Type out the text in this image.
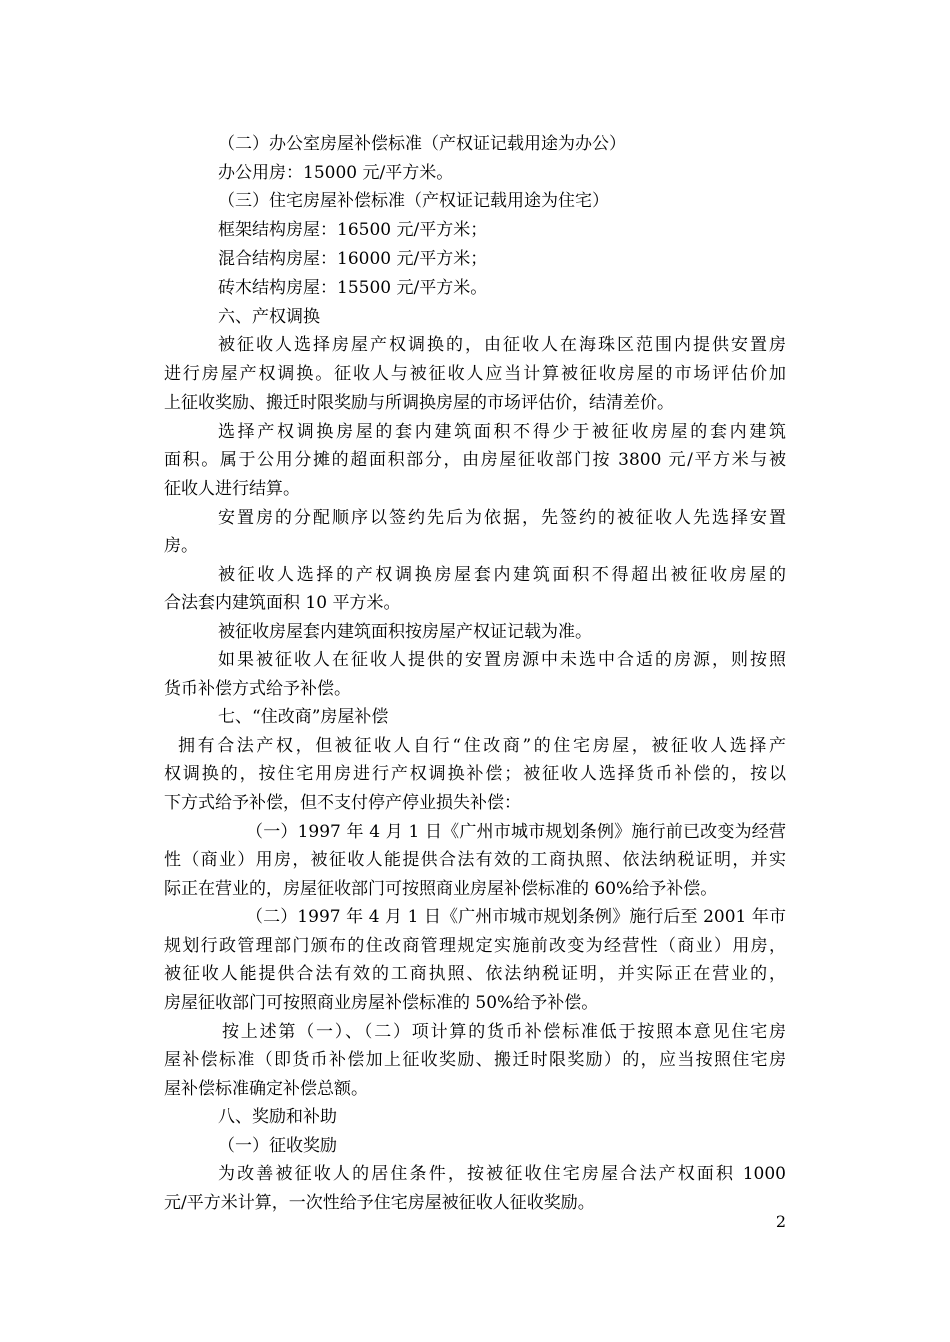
（二）办公室房屋补偿标准（产权证记载用途为办公）
办公用房：15000 元/平方米。
（三）住宅房屋补偿标准（产权证记载用途为住宅）
框架结构房屋：16500 元/平方米；
混合结构房屋：16000 元/平方米；
砖木结构房屋：15500 元/平方米。
六、产权调换
被征收人选择房屋产权调换的，由征收人在海珠区范围内提供安置房
进行房屋产权调换。征收人与被征收人应当计算被征收房屋的市场评估价加
上征收奖励、搬迁时限奖励与所调换房屋的市场评估价，结清差价。
选择产权调换房屋的套内建筑面积不得少于被征收房屋的套内建筑
面积。属于公用分摊的超面积部分，由房屋征收部门按 3800 元/平方米与被
征收人进行结算。
安置房的分配顺序以签约先后为依据，先签约的被征收人先选择安置
房。
被征收人选择的产权调换房屋套内建筑面积不得超出被征收房屋的
合法套内建筑面积 10 平方米。
被征收房屋套内建筑面积按房屋产权证记载为准。
如果被征收人在征收人提供的安置房源中未选中合适的房源，则按照
货币补偿方式给予补偿。
七、“住改商”房屋补偿
拥有合法产权，但被征收人自行“住改商”的住宅房屋，被征收人选择产
权调换的，按住宅用房进行产权调换补偿；被征收人选择货币补偿的，按以
下方式给予补偿，但不支付停产停业损失补偿：
（一）1997 年 4 月 1 日《广州市城市规划条例》施行前已改变为经营
性（商业）用房，被征收人能提供合法有效的工商执照、依法纳税证明，并实
际正在营业的，房屋征收部门可按照商业房屋补偿标准的 60%给予补偿。
（二）1997 年 4 月 1 日《广州市城市规划条例》施行后至 2001 年市
规划行政管理部门颁布的住改商管理规定实施前改变为经营性（商业）用房，
被征收人能提供合法有效的工商执照、依法纳税证明，并实际正在营业的，
房屋征收部门可按照商业房屋补偿标准的 50%给予补偿。
按上述第（一）、（二）项计算的货币补偿标准低于按照本意见住宅房
屋补偿标准（即货币补偿加上征收奖励、搬迁时限奖励）的，应当按照住宅房
屋补偿标准确定补偿总额。
八、奖励和补助
（一）征收奖励
为改善被征收人的居住条件，按被征收住宅房屋合法产权面积 1000
元/平方米计算，一次性给予住宅房屋被征收人征收奖励。
2
